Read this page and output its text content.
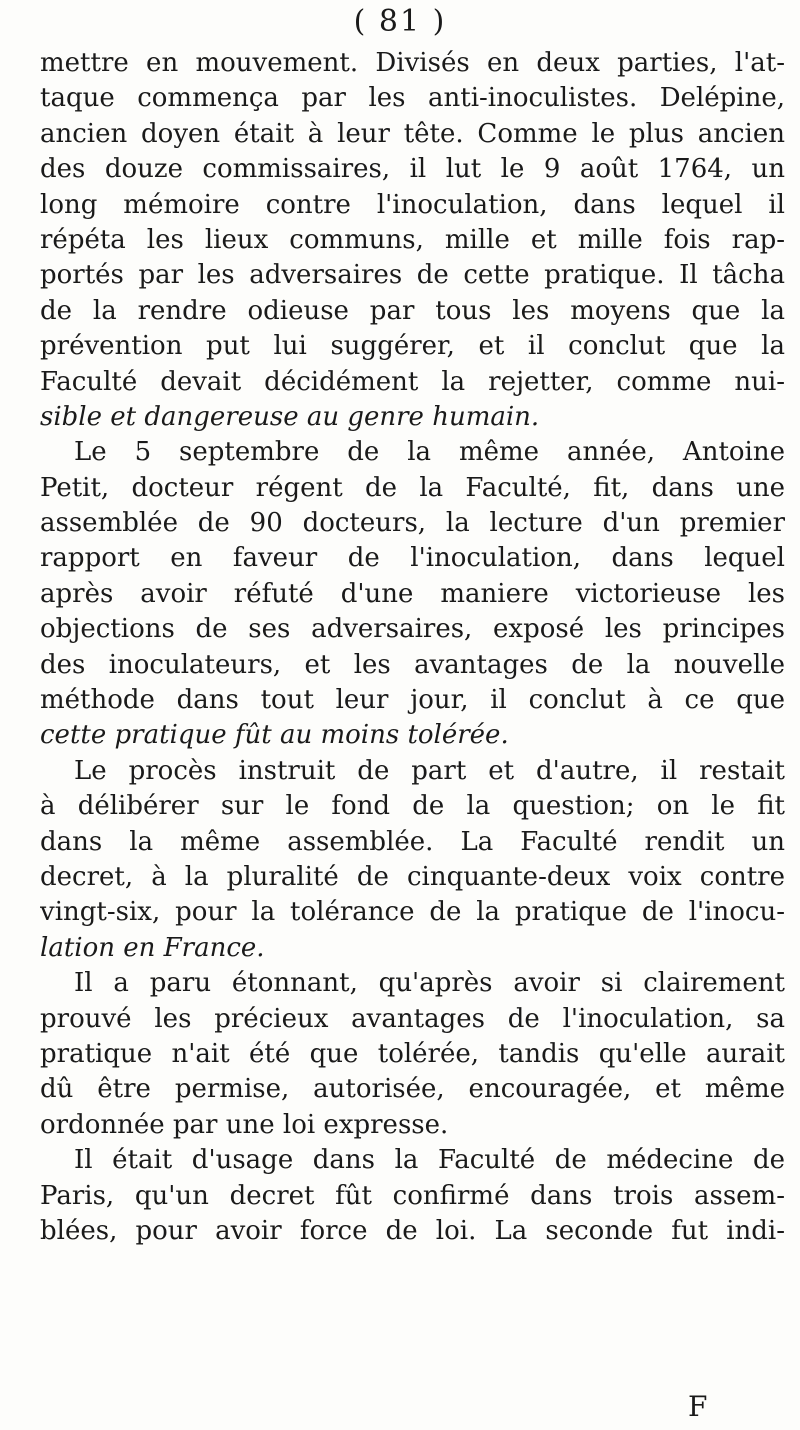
( 81 )
mettre en mouvement. Divisés en deux parties, l'at-
taque commença par les anti-inoculistes. Delépine,
ancien doyen était à leur tête. Comme le plus ancien
des douze commissaires, il lut le 9 août 1764, un
long mémoire contre l'inoculation, dans lequel il
répéta les lieux communs, mille et mille fois rap-
portés par les adversaires de cette pratique. Il tâcha
de la rendre odieuse par tous les moyens que la
prévention put lui suggérer, et il conclut que la
Faculté devait décidément la rejetter, comme nui-
sible et dangereuse au genre humain.
Le 5 septembre de la même année, Antoine
Petit, docteur régent de la Faculté, fit, dans une
assemblée de 90 docteurs, la lecture d'un premier
rapport en faveur de l'inoculation, dans lequel
après avoir réfuté d'une maniere victorieuse les
objections de ses adversaires, exposé les principes
des inoculateurs, et les avantages de la nouvelle
méthode dans tout leur jour, il conclut à ce que
cette pratique fût au moins tolérée.
Le procès instruit de part et d'autre, il restait
à délibérer sur le fond de la question; on le fit
dans la même assemblée. La Faculté rendit un
decret, à la pluralité de cinquante-deux voix contre
vingt-six, pour la tolérance de la pratique de l'inocu-
lation en France.
Il a paru étonnant, qu'après avoir si clairement
prouvé les précieux avantages de l'inoculation, sa
pratique n'ait été que tolérée, tandis qu'elle aurait
dû être permise, autorisée, encouragée, et même
ordonnée par une loi expresse.
Il était d'usage dans la Faculté de médecine de
Paris, qu'un decret fût confirmé dans trois assem-
blées, pour avoir force de loi. La seconde fut indi-
F
